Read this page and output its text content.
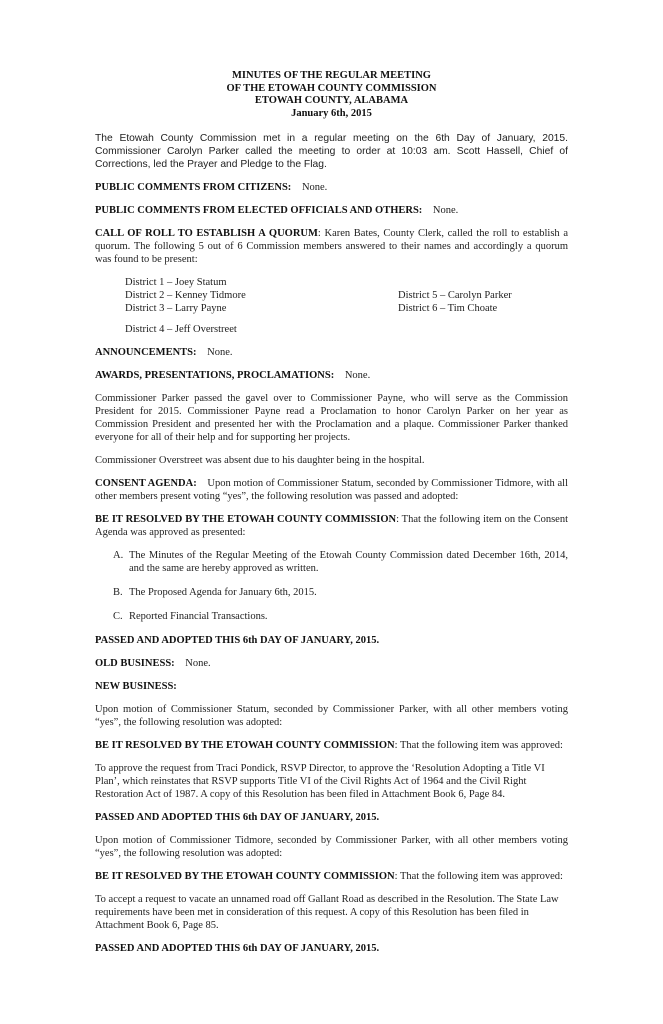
MINUTES OF THE REGULAR MEETING
OF THE ETOWAH COUNTY COMMISSION
ETOWAH COUNTY, ALABAMA
January 6th, 2015

The Etowah County Commission met in a regular meeting on the 6th Day of January, 2015. Commissioner Carolyn Parker called the meeting to order at 10:03 am. Scott Hassell, Chief of Corrections, led the Prayer and Pledge to the Flag.

PUBLIC COMMENTS FROM CITIZENS: None.

PUBLIC COMMENTS FROM ELECTED OFFICIALS AND OTHERS: None.

CALL OF ROLL TO ESTABLISH A QUORUM: Karen Bates, County Clerk, called the roll to establish a quorum. The following 5 out of 6 Commission members answered to their names and accordingly a quorum was found to be present:

District 1 – Joey Statum
District 2 – Kenney Tidmore	District 5 – Carolyn Parker
District 3 – Larry Payne	District 6 – Tim Choate
District 4 – Jeff Overstreet

ANNOUNCEMENTS: None.

AWARDS, PRESENTATIONS, PROCLAMATIONS: None.

Commissioner Parker passed the gavel over to Commissioner Payne, who will serve as the Commission President for 2015. Commissioner Payne read a Proclamation to honor Carolyn Parker on her year as Commission President and presented her with the Proclamation and a plaque. Commissioner Parker thanked everyone for all of their help and for supporting her projects.

Commissioner Overstreet was absent due to his daughter being in the hospital.

CONSENT AGENDA: Upon motion of Commissioner Statum, seconded by Commissioner Tidmore, with all other members present voting “yes”, the following resolution was passed and adopted:

BE IT RESOLVED BY THE ETOWAH COUNTY COMMISSION: That the following item on the Consent Agenda was approved as presented:

A. The Minutes of the Regular Meeting of the Etowah County Commission dated December 16th, 2014, and the same are hereby approved as written.
B. The Proposed Agenda for January 6th, 2015.
C. Reported Financial Transactions.

PASSED AND ADOPTED THIS 6th DAY OF JANUARY, 2015.

OLD BUSINESS: None.

NEW BUSINESS:

Upon motion of Commissioner Statum, seconded by Commissioner Parker, with all other members voting “yes”, the following resolution was adopted:

BE IT RESOLVED BY THE ETOWAH COUNTY COMMISSION: That the following item was approved:

To approve the request from Traci Pondick, RSVP Director, to approve the ‘Resolution Adopting a Title VI Plan’, which reinstates that RSVP supports Title VI of the Civil Rights Act of 1964 and the Civil Right Restoration Act of 1987. A copy of this Resolution has been filed in Attachment Book 6, Page 84.

PASSED AND ADOPTED THIS 6th DAY OF JANUARY, 2015.

Upon motion of Commissioner Tidmore, seconded by Commissioner Parker, with all other members voting “yes”, the following resolution was adopted:

BE IT RESOLVED BY THE ETOWAH COUNTY COMMISSION: That the following item was approved:

To accept a request to vacate an unnamed road off Gallant Road as described in the Resolution. The State Law requirements have been met in consideration of this request. A copy of this Resolution has been filed in Attachment Book 6, Page 85.

PASSED AND ADOPTED THIS 6th DAY OF JANUARY, 2015.
